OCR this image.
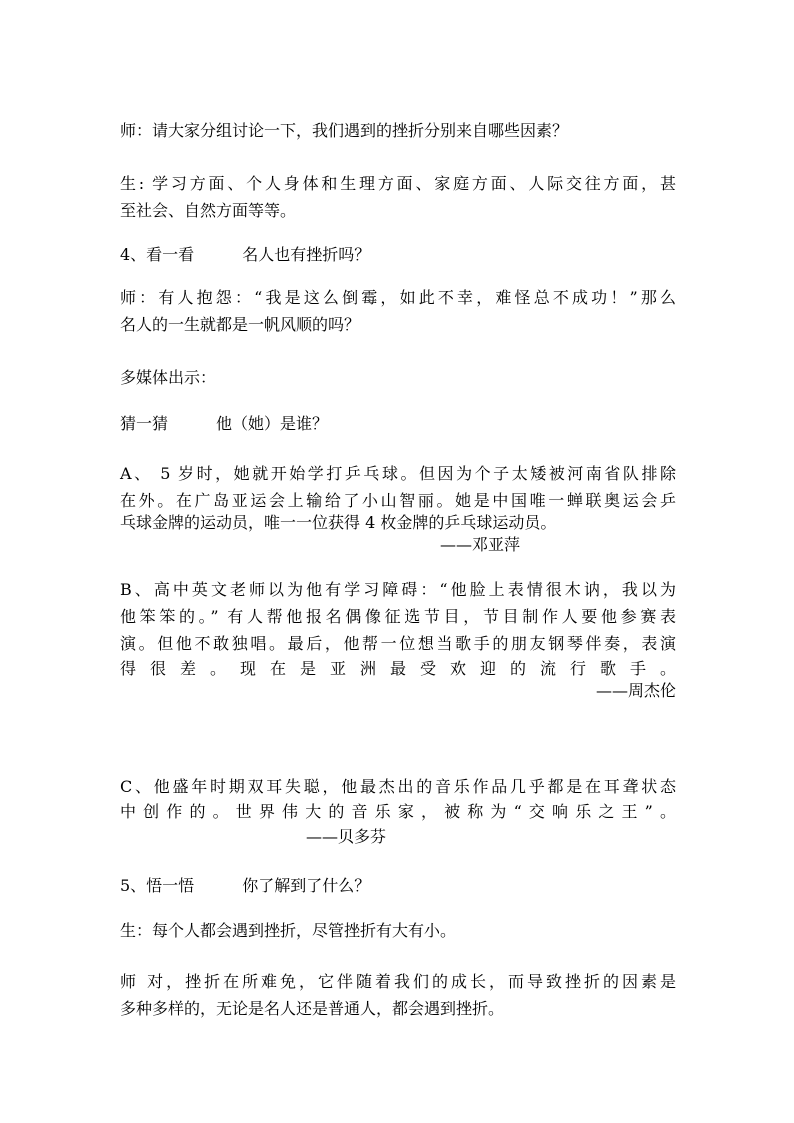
师：请大家分组讨论一下，我们遇到的挫折分别来自哪些因素？
生: 学习方面、个人身体和生理方面、家庭方面、人际交往方面，甚
至社会、自然方面等等。
4、看一看	名人也有挫折吗？
师：有人抱怨：“我是这么倒霉，如此不幸，难怪总不成功！”那么
名人的一生就都是一帆风顺的吗？
多媒体出示：
猜一猜	他（她）是谁？
A、 5 岁时，她就开始学打乒乓球。但因为个子太矮被河南省队排除
在外。在广岛亚运会上输给了小山智丽。她是中国唯一蝉联奥运会乒
乓球金牌的运动员，唯一一位获得 4 枚金牌的乒乓球运动员。
——邓亚萍
B、高中英文老师以为他有学习障碍：“他脸上表情很木讷，我以为
他笨笨的。” 有人帮他报名偶像征选节目，节目制作人要他参赛表
演。但他不敢独唱。最后，他帮一位想当歌手的朋友钢琴伴奏，表演
得很差。现在是亚洲最受欢迎的流行歌手。
——周杰伦
C、他盛年时期双耳失聪，他最杰出的音乐作品几乎都是在耳聋状态
中创作的。世界伟大的音乐家，被称为“交响乐之王”。
——贝多芬
5、悟一悟	你了解到了什么？
生：每个人都会遇到挫折，尽管挫折有大有小。
师 对，挫折在所难免，它伴随着我们的成长，而导致挫折的因素是
多种多样的，无论是名人还是普通人，都会遇到挫折。
